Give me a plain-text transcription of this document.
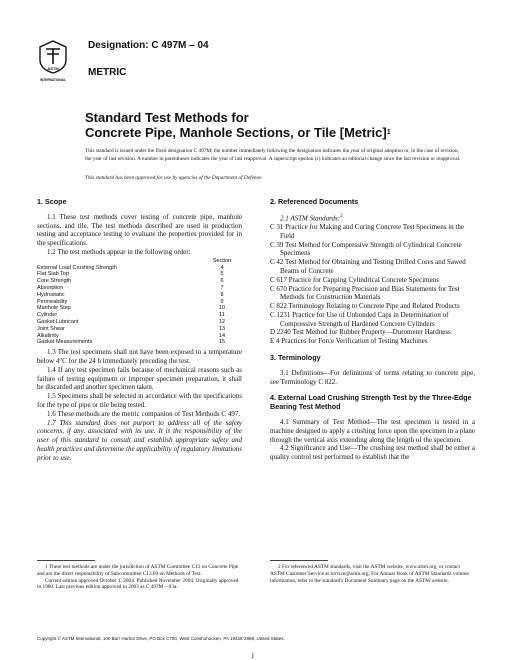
ASTM
INTERNATIONAL
Designation: C 497M – 04
METRIC
Standard Test Methods for
Concrete Pipe, Manhole Sections, or Tile [Metric]$^1$
This standard is issued under the fixed designation C 497M; the number immediately following the designation indicates the year of original adoption or, in the case of revision, the year of last revision. A number in parentheses indicates the year of last reapproval. A superscript epsilon (ε) indicates an editorial change since the last revision or reapproval.
This standard has been approved for use by agencies of the Department of Defense.

1. Scope

1.1 These test methods cover testing of concrete pipe, manhole sections, and tile. The test methods described are used in production testing and acceptance testing to evaluate the properties provided for in the specifications.

1.2 The test methods appear in the following order:

	Section
External Load Crushing Strength	4
Flat Slab Top	5
Core Strength	6
Absorption	7
Hydrostatic	8
Permeability	9
Manhole Step	10
Cylinder	11
Gasket Lubricant	12
Joint Shear	13
Alkalinity	14
Gasket Measurements	15

1.3 The test specimens shall not have been exposed to a temperature below 4°C for the 24 h immediately preceding the test.

1.4 If any test specimen fails because of mechanical reasons such as failure of testing equipment or improper specimen preparation, it shall be discarded and another specimen taken.

1.5 Specimens shall be selected in accordance with the specifications for the type of pipe or tile being tested.

1.6 These methods are the metric companion of Test Methods C 497.

1.7 This standard does not purport to address all of the safety concerns, if any, associated with its use. It is the responsibility of the user of this standard to consult and establish appropriate safety and health practices and determine the applicability of regulatory limitations prior to use.

2. Referenced Documents

2.1 ASTM Standards:$^2$

C 31 Practice for Making and Curing Concrete Test Specimens in the Field

C 39 Test Method for Compressive Strength of Cylindrical Concrete Specimens

C 42 Test Method for Obtaining and Testing Drilled Cores and Sawed Beams of Concrete

C 617 Practice for Capping Cylindrical Concrete Specimens

C 670 Practice for Preparing Precision and Bias Statements for Test Methods for Construction Materials

C 822 Terminology Relating to Concrete Pipe and Related Products

C 1231 Practice for Use of Unbonded Caps in Determination of Compressive Strength of Hardened Concrete Cylinders

D 2240 Test Method for Rubber Property—Durometer Hardness

E 4 Practices for Force Verification of Testing Machines

3. Terminology

3.1 Definitions—For definitions of terms relating to concrete pipe, see Terminology C 822.

4. External Load Crushing Strength Test by the Three-Edge Bearing Test Method

4.1 Summary of Test Method—The test specimen is tested in a machine designed to apply a crushing force upon the specimen in a plane through the vertical axis extending along the length of the specimen.

4.2 Significance and Use—The crushing test method shall be either a quality control test performed to establish that the

1 These test methods are under the jurisdiction of ASTM Committee C13 on Concrete Pipe and are the direct responsibility of Subcommittee C13.09 on Methods of Test.

Current edition approved October 1, 2004. Published November 2004. Originally approved in 1980. Last previous edition approved in 2003 as C 497M – 03a.

2 For referenced ASTM standards, visit the ASTM website, www.astm.org, or contact ASTM Customer Service at service@astm.org. For Annual Book of ASTM Standards volume information, refer to the standard's Document Summary page on the ASTM website.

Copyright © ASTM International, 100 Barr Harbor Drive, PO Box C700, West Conshohocken, PA 19428-2959, United States.
1
